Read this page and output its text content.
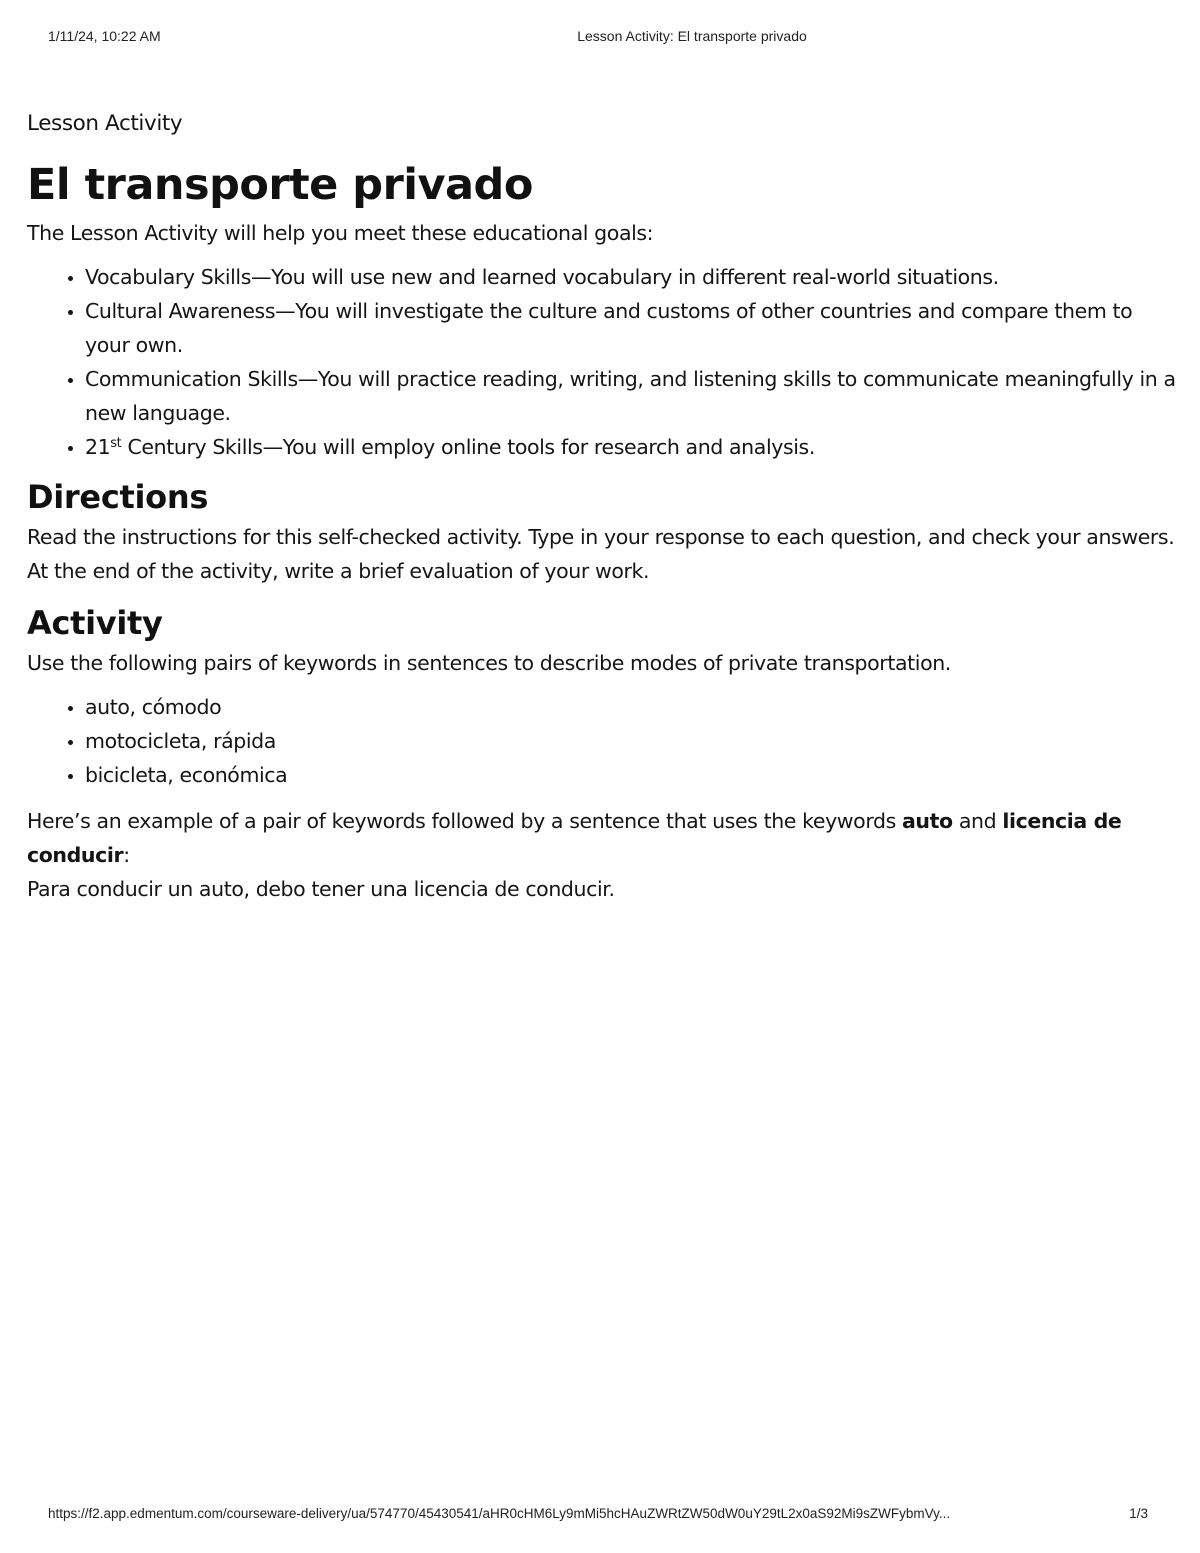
1/11/24, 10:22 AM	Lesson Activity: El transporte privado

Lesson Activity

El transporte privado

The Lesson Activity will help you meet these educational goals:

• Vocabulary Skills—You will use new and learned vocabulary in different real-world situations.
• Cultural Awareness—You will investigate the culture and customs of other countries and compare them to your own.
• Communication Skills—You will practice reading, writing, and listening skills to communicate meaningfully in a new language.
• 21st Century Skills—You will employ online tools for research and analysis.
Directions

Read the instructions for this self-checked activity. Type in your response to each question, and check your answers. At the end of the activity, write a brief evaluation of your work.

Activity

Use the following pairs of keywords in sentences to describe modes of private transportation.

• auto, cómodo
• motocicleta, rápida
• bicicleta, económica

Here’s an example of a pair of keywords followed by a sentence that uses the keywords auto and licencia de conducir:

Para conducir un auto, debo tener una licencia de conducir.

https://f2.app.edmentum.com/courseware-delivery/ua/574770/45430541/aHR0cHM6Ly9mMi5hcHAuZWRtZW50dW0uY29tL2x0aS92Mi9sZWFybmVy...	1/3
